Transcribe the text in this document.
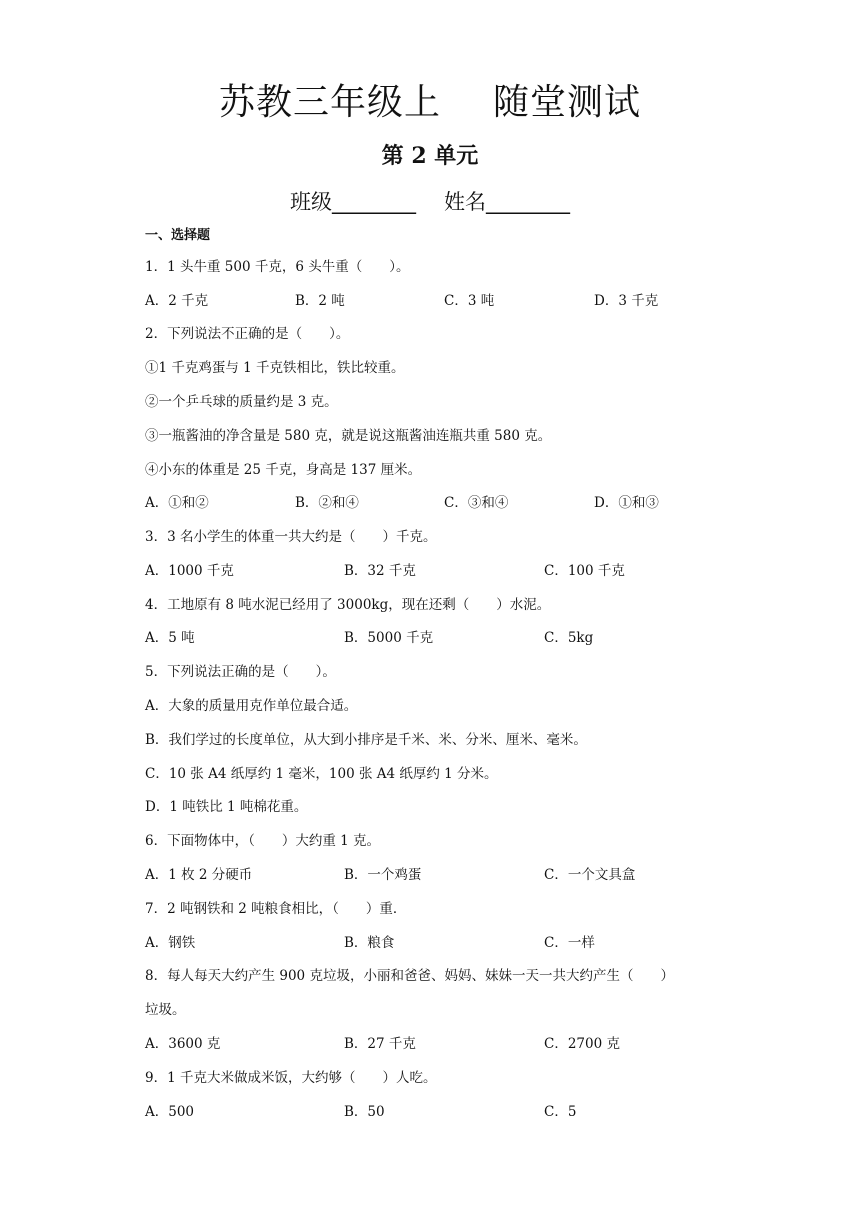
苏教三年级上 随堂测试
第 2 单元
班级________ 姓名________
一、选择题
1．1 头牛重 500 千克，6 头牛重（　　）。
A．2 千克	B．2 吨	C．3 吨	D．3 千克
2．下列说法不正确的是（　　）。
①1 千克鸡蛋与 1 千克铁相比，铁比较重。
②一个乒乓球的质量约是 3 克。
③一瓶酱油的净含量是 580 克，就是说这瓶酱油连瓶共重 580 克。
④小东的体重是 25 千克，身高是 137 厘米。
A．①和②	B．②和④	C．③和④	D．①和③
3．3 名小学生的体重一共大约是（　　）千克。
A．1000 千克	B．32 千克	C．100 千克
4．工地原有 8 吨水泥已经用了 3000kg，现在还剩（　　）水泥。
A．5 吨	B．5000 千克	C．5kg
5．下列说法正确的是（　　）。
A．大象的质量用克作单位最合适。
B．我们学过的长度单位，从大到小排序是千米、米、分米、厘米、毫米。
C．10 张 A4 纸厚约 1 毫米，100 张 A4 纸厚约 1 分米。
D．1 吨铁比 1 吨棉花重。
6．下面物体中，（　　）大约重 1 克。
A．1 枚 2 分硬币	B．一个鸡蛋	C．一个文具盒
7．2 吨钢铁和 2 吨粮食相比，（　　）重．
A．钢铁	B．粮食	C．一样
8．每人每天大约产生 900 克垃圾，小丽和爸爸、妈妈、妹妹一天一共大约产生（　　）
垃圾。
A．3600 克	B．27 千克	C．2700 克
9．1 千克大米做成米饭，大约够（　　）人吃。
A．500	B．50	C．5
